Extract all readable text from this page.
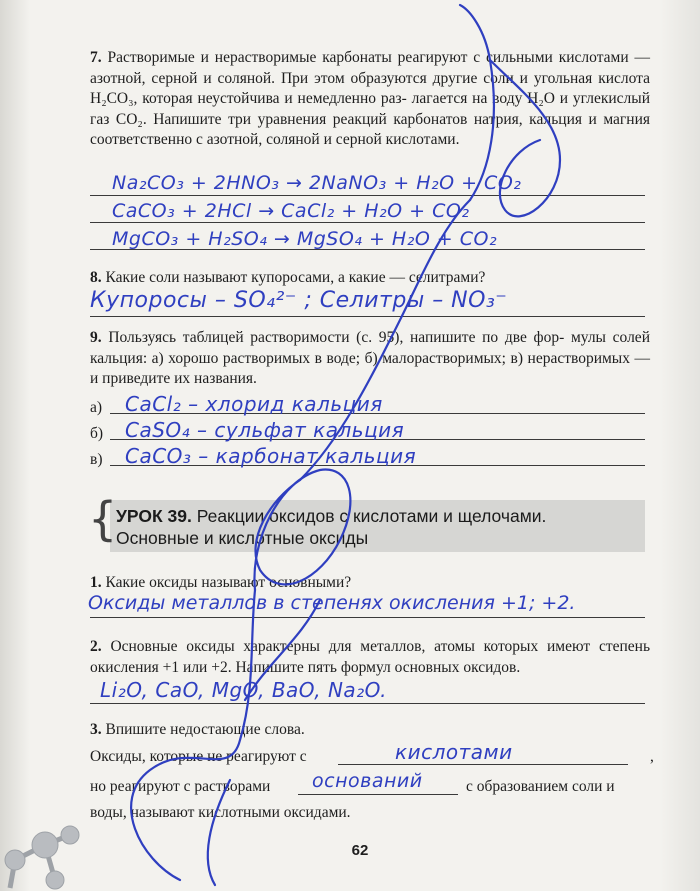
7. Растворимые и нерастворимые карбонаты реагируют с сильными кислотами — азотной, серной и соляной. При этом образуются другие соли и угольная кислота H₂CO₃, которая неустойчива и немедленно раз- лагается на воду H₂O и углекислый газ CO₂. Напишите три уравнения реакций карбонатов натрия, кальция и магния соответственно с азотной, соляной и серной кислотами.

Na₂CO₃ + 2HNO₃ → 2NaNO₃ + H₂O + CO₂
CaCO₃ + 2HCl → CaCl₂ + H₂O + CO₂
MgCO₃ + H₂SO₄ → MgSO₄ + H₂O + CO₂

8. Какие соли называют купоросами, а какие — селитрами?

Купоросы – SO₄²⁻ ; Селитры – NO₃⁻

9. Пользуясь таблицей растворимости (с. 95), напишите по две фор- мулы солей кальция: а) хорошо растворимых в воде; б) малорастворимых; в) нерастворимых — и приведите их названия.

а) CaCl₂ – хлорид кальция
б) CaSO₄ – сульфат кальция
в) CaCO₃ – карбонат кальция
{
УРОК 39. Реакции оксидов с кислотами и щелочами.
Основные и кислотные оксиды

1. Какие оксиды называют основными?

Оксиды металлов в степенях окисления +1; +2.

2. Основные оксиды характерны для металлов, атомы которых имеют степень окисления +1 или +2. Напишите пять формул основных оксидов.

Li₂O, CaO, MgO, BaO, Na₂O.

3. Впишите недостающие слова.

Оксиды, которые не реагируют с	кислотами	,
но реагируют с растворами оснований	с образованием соли и
воды, называют кислотными оксидами.
62
